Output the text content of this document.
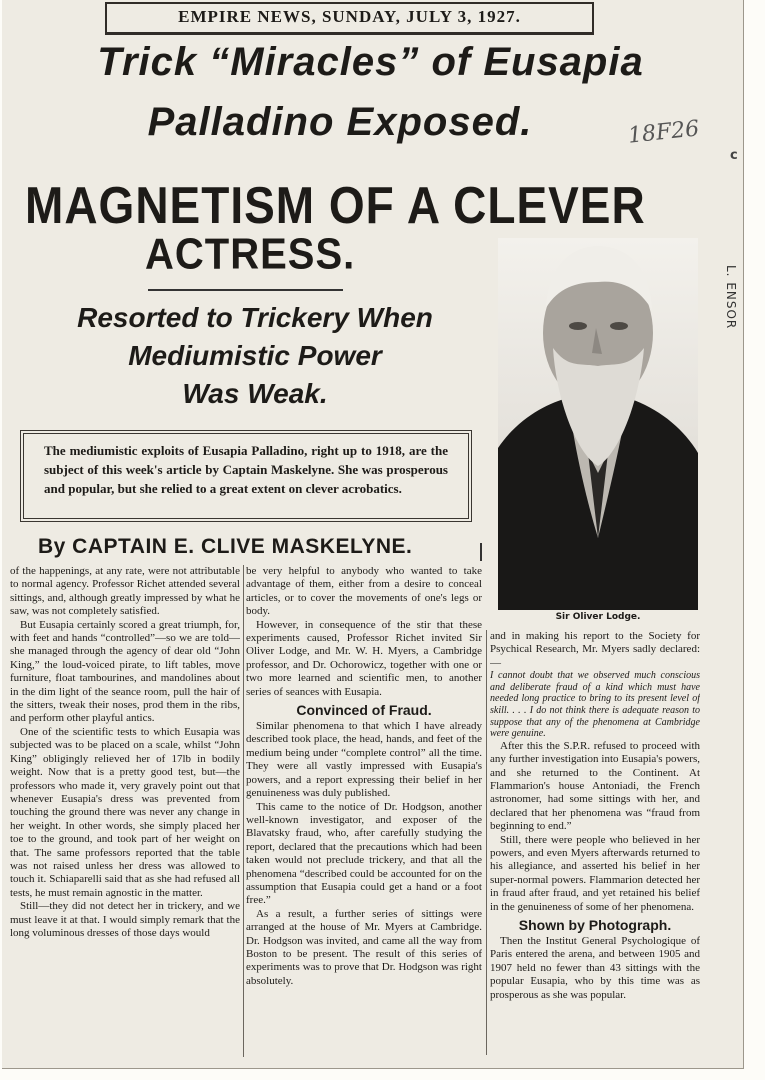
EMPIRE NEWS, SUNDAY, JULY 3, 1927.
Trick “Miracles” of Eusapia
Palladino Exposed.	18F26
c
MAGNETISM OF A CLEVER
ACTRESS.
Resorted to Trickery When
Mediumistic Power
Was Weak.
The mediumistic exploits of Eusapia Palladino, right up to 1918, are the subject of this week's article by Captain Maskelyne. She was prosperous and popular, but she relied to a great extent on clever acrobatics.
By CAPTAIN E. CLIVE MASKELYNE.
Sir Oliver Lodge.
L. ENSOR

of the happenings, at any rate, were not attributable to normal agency. Professor Richet attended several sittings, and, although greatly impressed by what he saw, was not completely satisfied.

But Eusapia certainly scored a great triumph, for, with feet and hands “controlled”—so we are told—she managed through the agency of dear old “John King,” the loud-voiced pirate, to lift tables, move furniture, float tambourines, and mandolines about in the dim light of the seance room, pull the hair of the sitters, tweak their noses, prod them in the ribs, and perform other playful antics.

One of the scientific tests to which Eusapia was subjected was to be placed on a scale, whilst “John King” obligingly relieved her of 17lb in bodily weight. Now that is a pretty good test, but—the professors who made it, very gravely point out that whenever Eusapia's dress was prevented from touching the ground there was never any change in her weight. In other words, she simply placed her toe to the ground, and took part of her weight on that. The same professors reported that the table was not raised unless her dress was allowed to touch it. Schiaparelli said that as she had refused all tests, he must remain agnostic in the matter.

Still—they did not detect her in trickery, and we must leave it at that. I would simply remark that the long voluminous dresses of those days would

be very helpful to anybody who wanted to take advantage of them, either from a desire to conceal articles, or to cover the movements of one's legs or body.

However, in consequence of the stir that these experiments caused, Professor Richet invited Sir Oliver Lodge, and Mr. W. H. Myers, a Cambridge professor, and Dr. Ochorowicz, together with one or two more learned and scientific men, to another series of seances with Eusapia.

Convinced of Fraud.

Similar phenomena to that which I have already described took place, the head, hands, and feet of the medium being under “complete control” all the time. They were all vastly impressed with Eusapia's powers, and a report expressing their belief in her genuineness was duly published.

This came to the notice of Dr. Hodgson, another well-known investigator, and exposer of the Blavatsky fraud, who, after carefully studying the report, declared that the precautions which had been taken would not preclude trickery, and that all the phenomena “described could be accounted for on the assumption that Eusapia could get a hand or a foot free.”

As a result, a further series of sittings were arranged at the house of Mr. Myers at Cambridge. Dr. Hodgson was invited, and came all the way from Boston to be present. The result of this series of experiments was to prove that Dr. Hodgson was right absolutely.

and in making his report to the Society for Psychical Research, Mr. Myers sadly declared:—

I cannot doubt that we observed much conscious and deliberate fraud of a kind which must have needed long practice to bring to its present level of skill. . . . I do not think there is adequate reason to suppose that any of the phenomena at Cambridge were genuine.

After this the S.P.R. refused to proceed with any further investigation into Eusapia's powers, and she returned to the Continent. At Flammarion's house Antoniadi, the French astronomer, had some sittings with her, and declared that her phenomena was “fraud from beginning to end.”

Still, there were people who believed in her powers, and even Myers afterwards returned to his allegiance, and asserted his belief in her super-normal powers. Flammarion detected her in fraud after fraud, and yet retained his belief in the genuineness of some of her phenomena.

Shown by Photograph.

Then the Institut General Psychologique of Paris entered the arena, and between 1905 and 1907 held no fewer than 43 sittings with the popular Eusapia, who by this time was as prosperous as she was popular.
